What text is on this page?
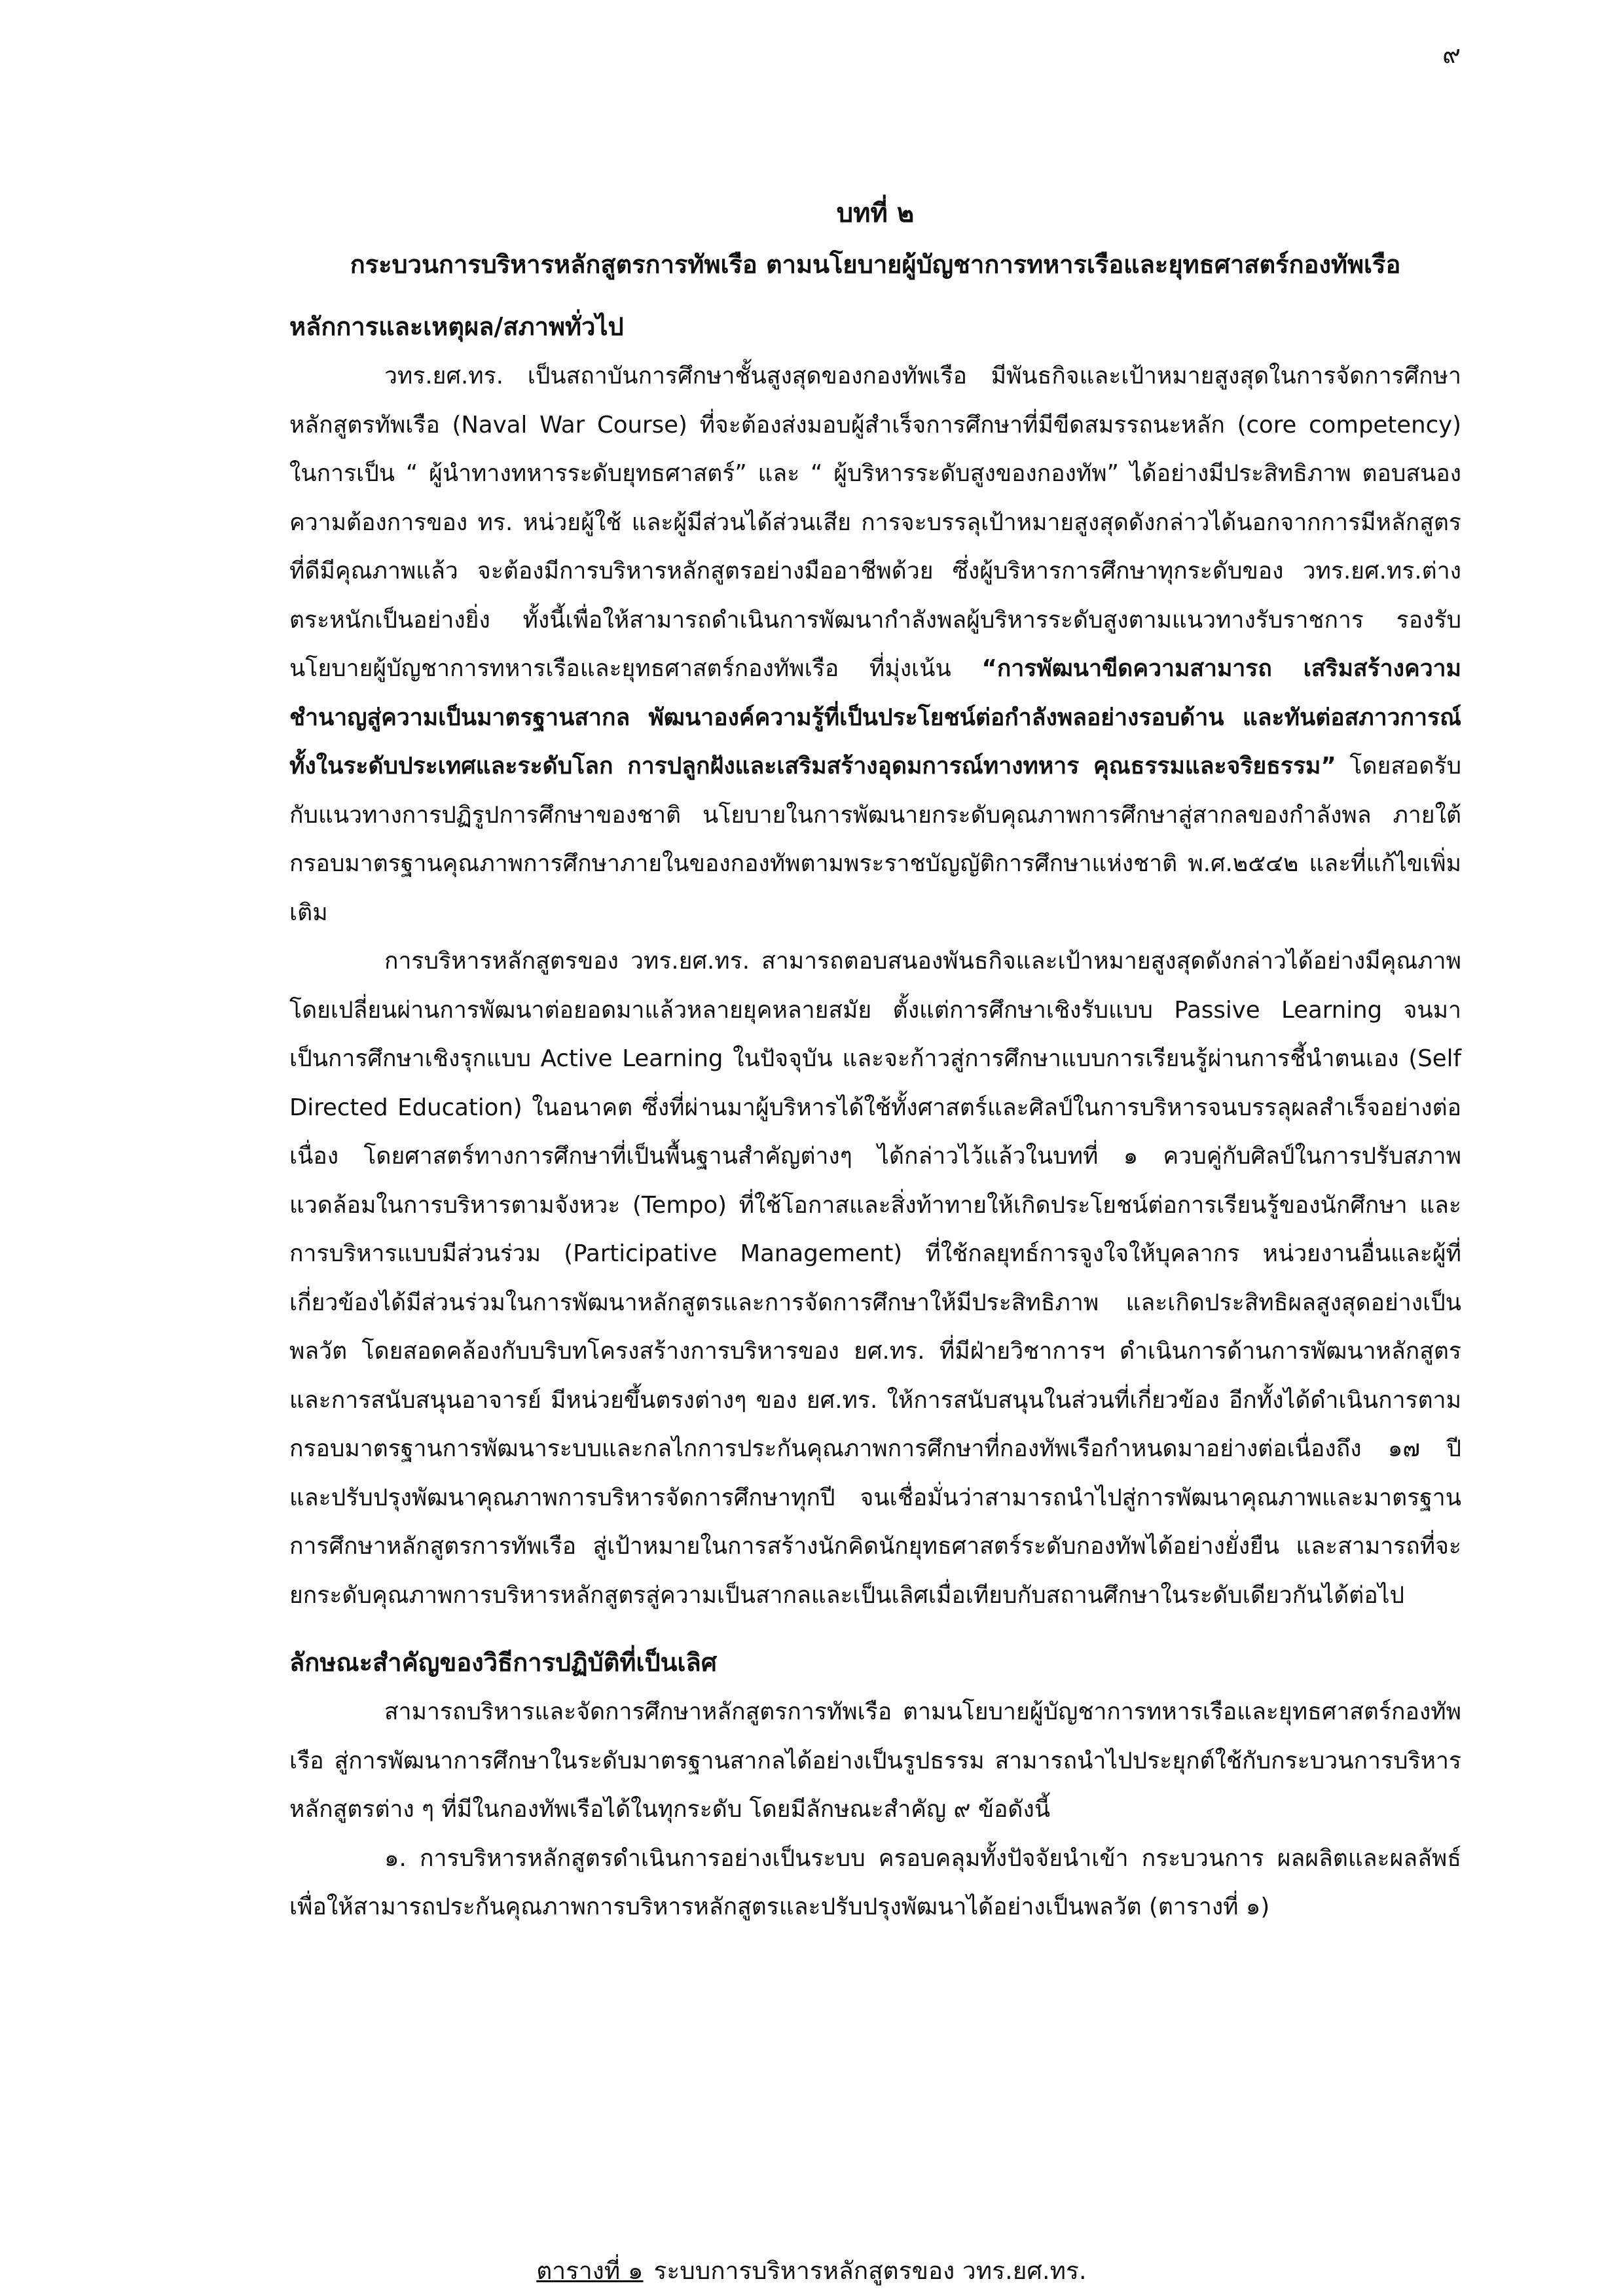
๙
บทที่ ๒
กระบวนการบริหารหลักสูตรการทัพเรือ ตามนโยบายผู้บัญชาการทหารเรือและยุทธศาสตร์กองทัพเรือ
หลักการและเหตุผล/สภาพทั่วไป

วทร.ยศ.ทร. เป็นสถาบันการศึกษาชั้นสูงสุดของกองทัพเรือ มีพันธกิจและเป้าหมายสูงสุดในการจัดการศึกษาหลักสูตรทัพเรือ (Naval War Course) ที่จะต้องส่งมอบผู้สำเร็จการศึกษาที่มีขีดสมรรถนะหลัก (core competency) ในการเป็น “ ผู้นำทางทหารระดับยุทธศาสตร์” และ “ ผู้บริหารระดับสูงของกองทัพ” ได้อย่างมีประสิทธิภาพ ตอบสนองความต้องการของ ทร. หน่วยผู้ใช้ และผู้มีส่วนได้ส่วนเสีย การจะบรรลุเป้าหมายสูงสุดดังกล่าวได้นอกจากการมีหลักสูตรที่ดีมีคุณภาพแล้ว จะต้องมีการบริหารหลักสูตรอย่างมืออาชีพด้วย ซึ่งผู้บริหารการศึกษาทุกระดับของ วทร.ยศ.ทร.ต่างตระหนักเป็นอย่างยิ่ง ทั้งนี้เพื่อให้สามารถดำเนินการพัฒนากำลังพลผู้บริหารระดับสูงตามแนวทางรับราชการ รองรับนโยบายผู้บัญชาการทหารเรือและยุทธศาสตร์กองทัพเรือ ที่มุ่งเน้น “การพัฒนาขีดความสามารถ เสริมสร้างความชำนาญสู่ความเป็นมาตรฐานสากล พัฒนาองค์ความรู้ที่เป็นประโยชน์ต่อกำลังพลอย่างรอบด้าน และทันต่อสภาวการณ์ทั้งในระดับประเทศและระดับโลก การปลูกฝังและเสริมสร้างอุดมการณ์ทางทหาร คุณธรรมและจริยธรรม” โดยสอดรับกับแนวทางการปฏิรูปการศึกษาของชาติ นโยบายในการพัฒนายกระดับคุณภาพการศึกษาสู่สากลของกำลังพล ภายใต้กรอบมาตรฐานคุณภาพการศึกษาภายในของกองทัพตามพระราชบัญญัติการศึกษาแห่งชาติ พ.ศ.๒๕๔๒ และที่แก้ไขเพิ่มเติม

การบริหารหลักสูตรของ วทร.ยศ.ทร. สามารถตอบสนองพันธกิจและเป้าหมายสูงสุดดังกล่าวได้อย่างมีคุณภาพ โดยเปลี่ยนผ่านการพัฒนาต่อยอดมาแล้วหลายยุคหลายสมัย ตั้งแต่การศึกษาเชิงรับแบบ Passive Learning จนมาเป็นการศึกษาเชิงรุกแบบ Active Learning ในปัจจุบัน และจะก้าวสู่การศึกษาแบบการเรียนรู้ผ่านการชี้นำตนเอง (Self Directed Education) ในอนาคต ซึ่งที่ผ่านมาผู้บริหารได้ใช้ทั้งศาสตร์และศิลป์ในการบริหารจนบรรลุผลสำเร็จอย่างต่อเนื่อง โดยศาสตร์ทางการศึกษาที่เป็นพื้นฐานสำคัญต่างๆ ได้กล่าวไว้แล้วในบทที่ ๑ ควบคู่กับศิลป์ในการปรับสภาพแวดล้อมในการบริหารตามจังหวะ (Tempo) ที่ใช้โอกาสและสิ่งท้าทายให้เกิดประโยชน์ต่อการเรียนรู้ของนักศึกษา และการบริหารแบบมีส่วนร่วม (Participative Management) ที่ใช้กลยุทธ์การจูงใจให้บุคลากร หน่วยงานอื่นและผู้ที่เกี่ยวข้องได้มีส่วนร่วมในการพัฒนาหลักสูตรและการจัดการศึกษาให้มีประสิทธิภาพ และเกิดประสิทธิผลสูงสุดอย่างเป็นพลวัต โดยสอดคล้องกับบริบทโครงสร้างการบริหารของ ยศ.ทร. ที่มีฝ่ายวิชาการฯ ดำเนินการด้านการพัฒนาหลักสูตรและการสนับสนุนอาจารย์ มีหน่วยขึ้นตรงต่างๆ ของ ยศ.ทร. ให้การสนับสนุนในส่วนที่เกี่ยวข้อง อีกทั้งได้ดำเนินการตามกรอบมาตรฐานการพัฒนาระบบและกลไกการประกันคุณภาพการศึกษาที่กองทัพเรือกำหนดมาอย่างต่อเนื่องถึง ๑๗ ปี และปรับปรุงพัฒนาคุณภาพการบริหารจัดการศึกษาทุกปี จนเชื่อมั่นว่าสามารถนำไปสู่การพัฒนาคุณภาพและมาตรฐานการศึกษาหลักสูตรการทัพเรือ สู่เป้าหมายในการสร้างนักคิดนักยุทธศาสตร์ระดับกองทัพได้อย่างยั่งยืน และสามารถที่จะยกระดับคุณภาพการบริหารหลักสูตรสู่ความเป็นสากลและเป็นเลิศเมื่อเทียบกับสถานศึกษาในระดับเดียวกันได้ต่อไป

ลักษณะสำคัญของวิธีการปฏิบัติที่เป็นเลิศ

สามารถบริหารและจัดการศึกษาหลักสูตรการทัพเรือ ตามนโยบายผู้บัญชาการทหารเรือและยุทธศาสตร์กองทัพเรือ สู่การพัฒนาการศึกษาในระดับมาตรฐานสากลได้อย่างเป็นรูปธรรม สามารถนำไปประยุกต์ใช้กับกระบวนการบริหารหลักสูตรต่าง ๆ ที่มีในกองทัพเรือได้ในทุกระดับ โดยมีลักษณะสำคัญ ๙ ข้อดังนี้

๑. การบริหารหลักสูตรดำเนินการอย่างเป็นระบบ ครอบคลุมทั้งปัจจัยนำเข้า กระบวนการ ผลผลิตและผลลัพธ์ เพื่อให้สามารถประกันคุณภาพการบริหารหลักสูตรและปรับปรุงพัฒนาได้อย่างเป็นพลวัต (ตารางที่ ๑)

ตารางที่ ๑ ระบบการบริหารหลักสูตรของ วทร.ยศ.ทร.
